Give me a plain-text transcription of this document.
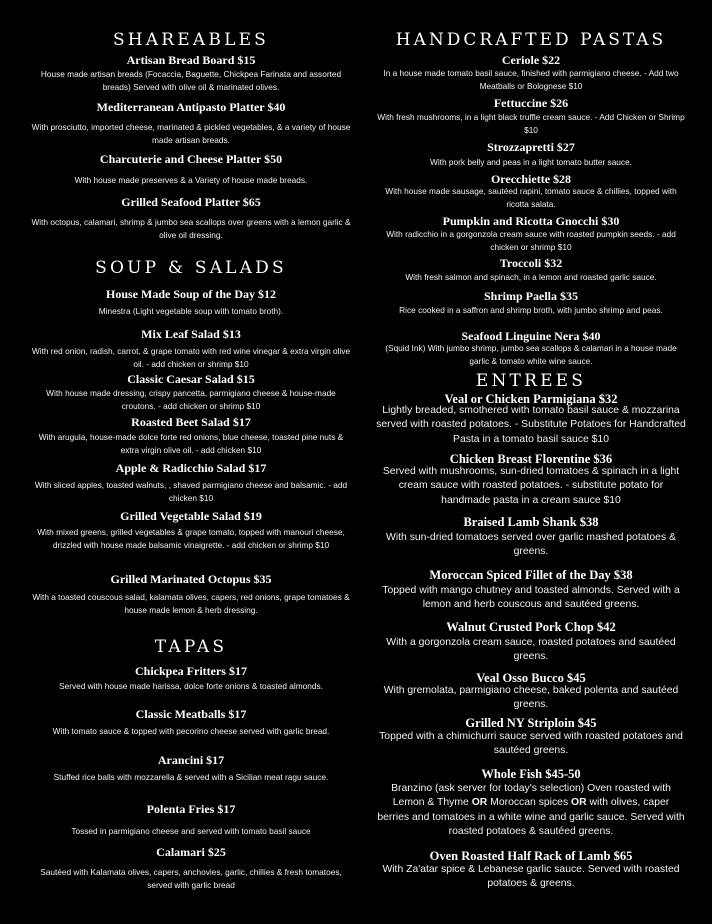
SHAREABLES
Artisan Bread Board $15
House made artisan breads (Focaccia, Baguette, Chickpea Farinata and assorted breads) Served with olive oil & marinated olives.
Mediterranean Antipasto Platter $40
With prosciutto, imported cheese, marinated & pickled vegetables, & a variety of house made artisan breads.
Charcuterie and Cheese Platter $50
With house made preserves & a Variety of house made breads.
Grilled Seafood Platter $65
With octopus, calamari, shrimp & jumbo sea scallops over greens with a lemon garlic & olive oil dressing.
SOUP & SALADS
House Made Soup of the Day $12
Minestra (Light vegetable soup with tomato broth).
Mix Leaf Salad $13
With red onion, radish, carrot, & grape tomato with red wine vinegar & extra virgin olive oil. - add chicken or shrimp $10
Classic Caesar Salad $15
With house made dressing, crispy pancetta, parmigiano cheese & house-made croutons. - add chicken or shrimp $10
Roasted Beet Salad $17
With arugula, house-made dolce forte red onions, blue cheese, toasted pine nuts & extra virgin olive oil. - add chicken $10
Apple & Radicchio Salad $17
With sliced apples, toasted walnuts, , shaved parmigiano cheese and balsamic. - add chicken $10
Grilled Vegetable Salad $19
With mixed greens, grilled vegetables & grape tomato, topped with manouri cheese, drizzled with house made balsamic vinaigrette. - add chicken or shrimp $10
Grilled Marinated Octopus $35
With a toasted couscous salad, kalamata olives, capers, red onions, grape tomatoes & house made lemon & herb dressing.
TAPAS
Chickpea Fritters $17
Served with house made harissa, dolce forte onions & toasted almonds.
Classic Meatballs $17
With tomato sauce & topped with pecorino cheese served with garlic bread.
Arancini $17
Stuffed rice balls with mozzarella & served with a Sicilian meat ragu sauce.
Polenta Fries $17
Tossed in parmigiano cheese and served with tomato basil sauce
Calamari $25
Sautéed with Kalamata olives, capers, anchovies, garlic, chillies & fresh tomatoes, served with garlic bread
HANDCRAFTED PASTAS
Ceriole $22
In a house made tomato basil sauce, finished with parmigiano cheese. - Add two Meatballs or Bolognese $10
Fettuccine $26
With fresh mushrooms, in a light black truffle cream sauce. - Add Chicken or Shrimp $10
Strozzapretti $27
With pork belly and peas in a light tomato butter sauce.
Orecchiette $28
With house made sausage, sautéed rapini, tomato sauce & chillies, topped with ricotta salata.
Pumpkin and Ricotta Gnocchi $30
With radicchio in a gorgonzola cream sauce with roasted pumpkin seeds. - add chicken or shrimp $10
Troccoli $32
With fresh salmon and spinach, in a lemon and roasted garlic sauce.
Shrimp Paella $35
Rice cooked in a saffron and shrimp broth, with jumbo shrimp and peas.
Seafood Linguine Nera $40
(Squid Ink) With jumbo shrimp, jumbo sea scallops & calamari in a house made garlic & tomato white wine sauce.
ENTREES
Veal or Chicken Parmigiana $32
Lightly breaded, smothered with tomato basil sauce & mozzarina served with roasted potatoes. - Substitute Potatoes for Handcrafted Pasta in a tomato basil sauce $10
Chicken Breast Florentine $36
Served with mushrooms, sun-dried tomatoes & spinach in a light cream sauce with roasted potatoes. - substitute potato for handmade pasta in a cream sauce $10
Braised Lamb Shank $38
With sun-dried tomatoes served over garlic mashed potatoes & greens.
Moroccan Spiced Fillet of the Day $38
Topped with mango chutney and toasted almonds. Served with a lemon and herb couscous and sautéed greens.
Walnut Crusted Pork Chop $42
With a gorgonzola cream sauce, roasted potatoes and sautéed greens.
Veal Osso Bucco $45
With gremolata, parmigiano cheese, baked polenta and sautéed greens.
Grilled NY Striploin $45
Topped with a chimichurri sauce served with roasted potatoes and sautéed greens.
Whole Fish $45-50
Branzino (ask server for today's selection) Oven roasted with Lemon & Thyme OR Moroccan spices OR with olives, caper berries and tomatoes in a white wine and garlic sauce. Served with roasted potatoes & sautéed greens.
Oven Roasted Half Rack of Lamb $65
With Za'atar spice & Lebanese garlic sauce. Served with roasted potatoes & greens.
